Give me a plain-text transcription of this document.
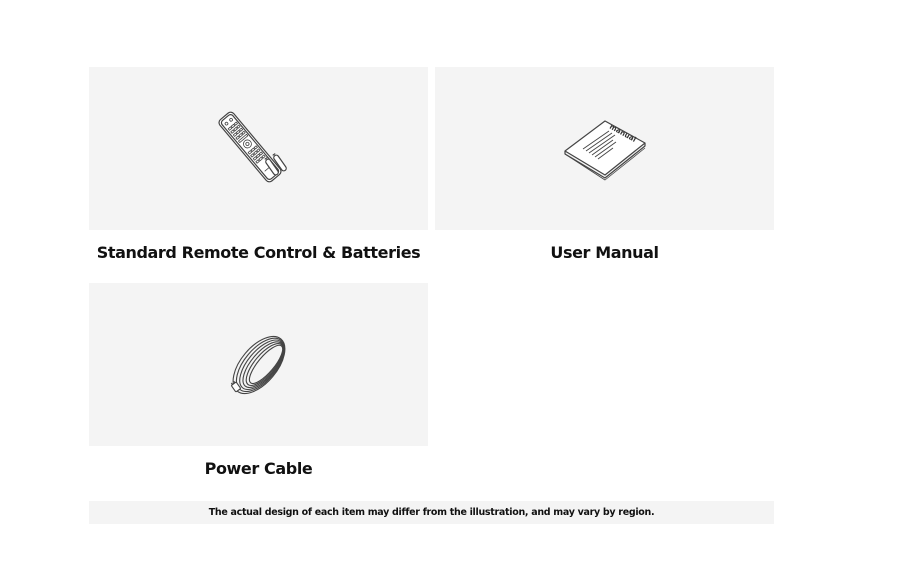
Standard Remote Control & Batteries
manual
User Manual
Power Cable
The actual design of each item may differ from the illustration, and may vary by region.
